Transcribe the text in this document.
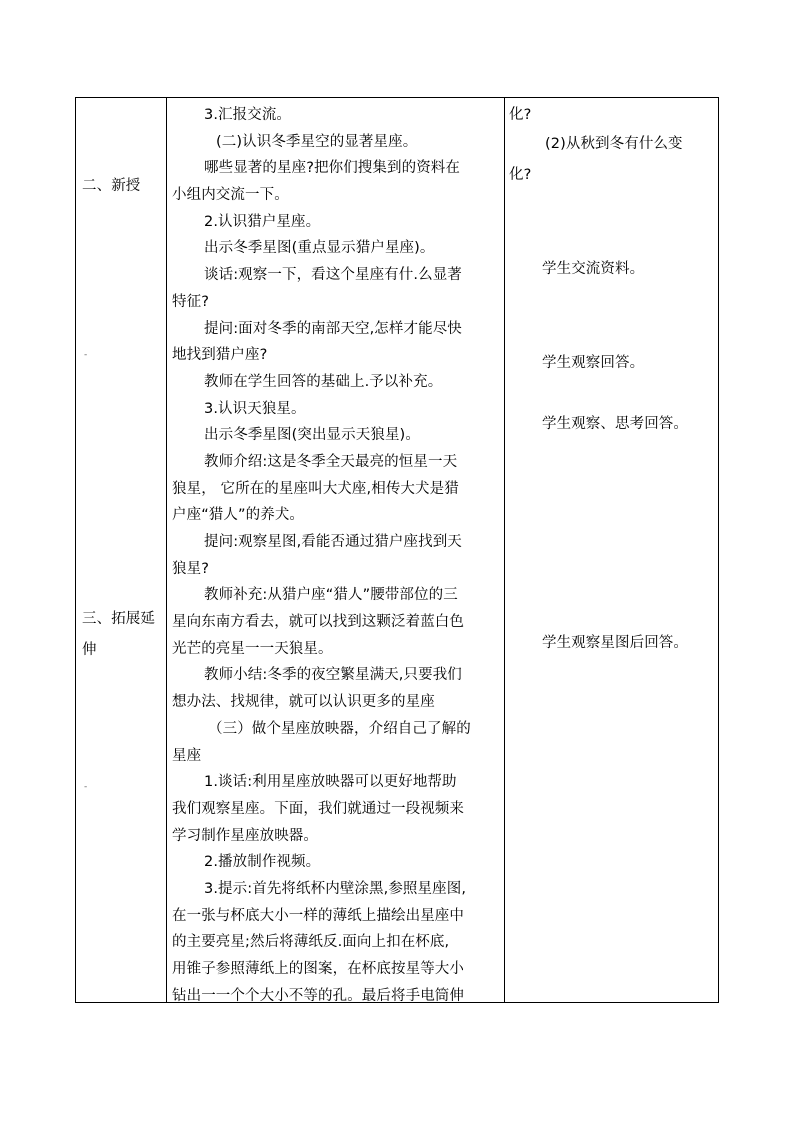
二、新授
三、拓展延
伸
-
-
3.汇报交流。
(二)认识冬季星空的显著星座。
哪些显著的星座?把你们搜集到的资料在
小组内交流一下。
2.认识猎户星座。
出示冬季星图(重点显示猎户星座)。
谈话:观察一下，看这个星座有什.么显著
特征?
提问:面对冬季的南部天空,怎样才能尽快
地找到猎户座?
教师在学生回答的基础上.予以补充。
3.认识天狼星。
出示冬季星图(突出显示天狼星)。
教师介绍:这是冬季全天最亮的恒星一天
狼星， 它所在的星座叫大犬座,相传大犬是猎
户座“猎人”的养犬。
提问:观察星图,看能否通过猎户座找到天
狼星?
教师补充:从猎户座“猎人”腰带部位的三
星向东南方看去，就可以找到这颗泛着蓝白色
光芒的亮星一一天狼星。
教师小结:冬季的夜空繁星满天,只要我们
想办法、找规律，就可以认识更多的星座
（三）做个星座放映器，介绍自己了解的
星座
1.谈话:利用星座放映器可以更好地帮助
我们观察星座。下面，我们就通过一段视频来
学习制作星座放映器。
2.播放制作视频。
3.提示:首先将纸杯内壁涂黑,参照星座图,
在一张与杯底大小一样的薄纸上描绘出星座中
的主要亮星;然后将薄纸反.面向上扣在杯底,
用锥子参照薄纸上的图案，在杯底按星等大小
钻出一一个个大小不等的孔。最后将手电筒伸
化?
(2)从秋到冬有什么变
化?
学生交流资料。
学生观察回答。
学生观察、思考回答。
学生观察星图后回答。
